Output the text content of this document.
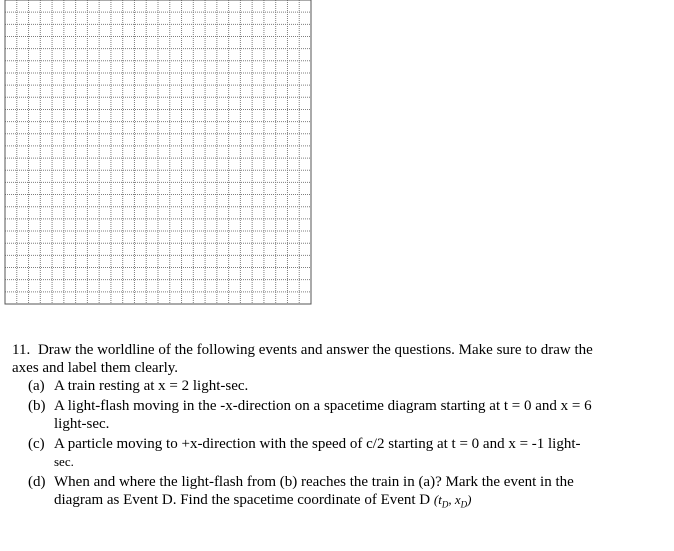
11. Draw the worldline of the following events and answer the questions. Make sure to draw the
axes and label them clearly.

(a) A train resting at x = 2 light-sec.
(b) A light-flash moving in the -x-direction on a spacetime diagram starting at t = 0 and x = 6
light-sec.
(c) A particle moving to +x-direction with the speed of c/2 starting at t = 0 and x = -1 light-
sec.
(d) When and where the light-flash from (b) reaches the train in (a)? Mark the event in the
diagram as Event D. Find the spacetime coordinate of Event D ($t_D$, $x_D$)
